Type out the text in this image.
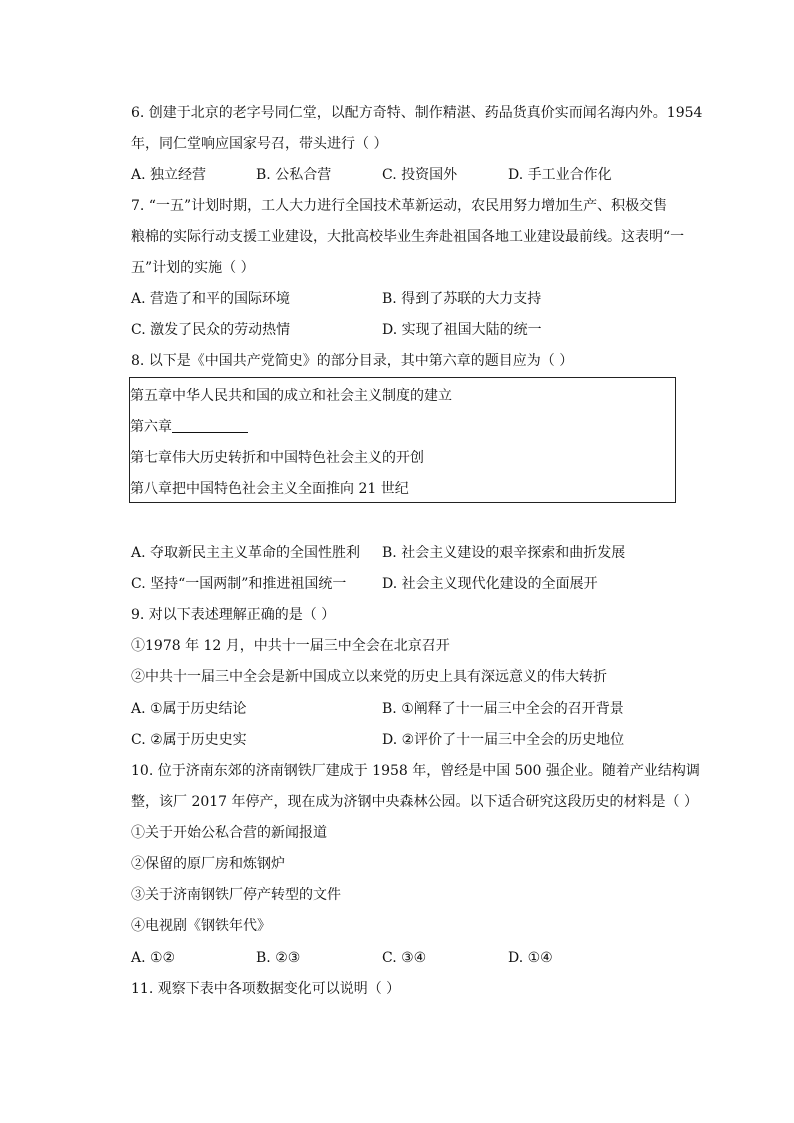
6. 创建于北京的老字号同仁堂，以配方奇特、制作精湛、药品货真价实而闻名海内外。1954
年，同仁堂响应国家号召，带头进行（ ）
A. 独立经营	B. 公私合营	C. 投资国外	D. 手工业合作化
7. “一五”计划时期，工人大力进行全国技术革新运动，农民用努力增加生产、积极交售
粮棉的实际行动支援工业建设，大批高校毕业生奔赴祖国各地工业建设最前线。这表明“一
五”计划的实施（ ）
A. 营造了和平的国际环境	B. 得到了苏联的大力支持
C. 激发了民众的劳动热情	D. 实现了祖国大陆的统一
8. 以下是《中国共产党简史》的部分目录，其中第六章的题目应为（ ）
第五章中华人民共和国的成立和社会主义制度的建立
第六章
第七章伟大历史转折和中国特色社会主义的开创
第八章把中国特色社会主义全面推向 21 世纪
A. 夺取新民主主义革命的全国性胜利 B. 社会主义建设的艰辛探索和曲折发展
C. 坚持“一国两制”和推进祖国统一	D. 社会主义现代化建设的全面展开
9. 对以下表述理解正确的是（ ）
①1978 年 12 月，中共十一届三中全会在北京召开
②中共十一届三中全会是新中国成立以来党的历史上具有深远意义的伟大转折
A. ①属于历史结论	B. ①阐释了十一届三中全会的召开背景
C. ②属于历史史实	D. ②评价了十一届三中全会的历史地位
10. 位于济南东郊的济南钢铁厂建成于 1958 年，曾经是中国 500 强企业。随着产业结构调
整，该厂 2017 年停产，现在成为济钢中央森林公园。以下适合研究这段历史的材料是（ ）
①关于开始公私合营的新闻报道
②保留的原厂房和炼钢炉
③关于济南钢铁厂停产转型的文件
④电视剧《钢铁年代》
A. ①②	B. ②③	C. ③④	D. ①④
11. 观察下表中各项数据变化可以说明（ ）
